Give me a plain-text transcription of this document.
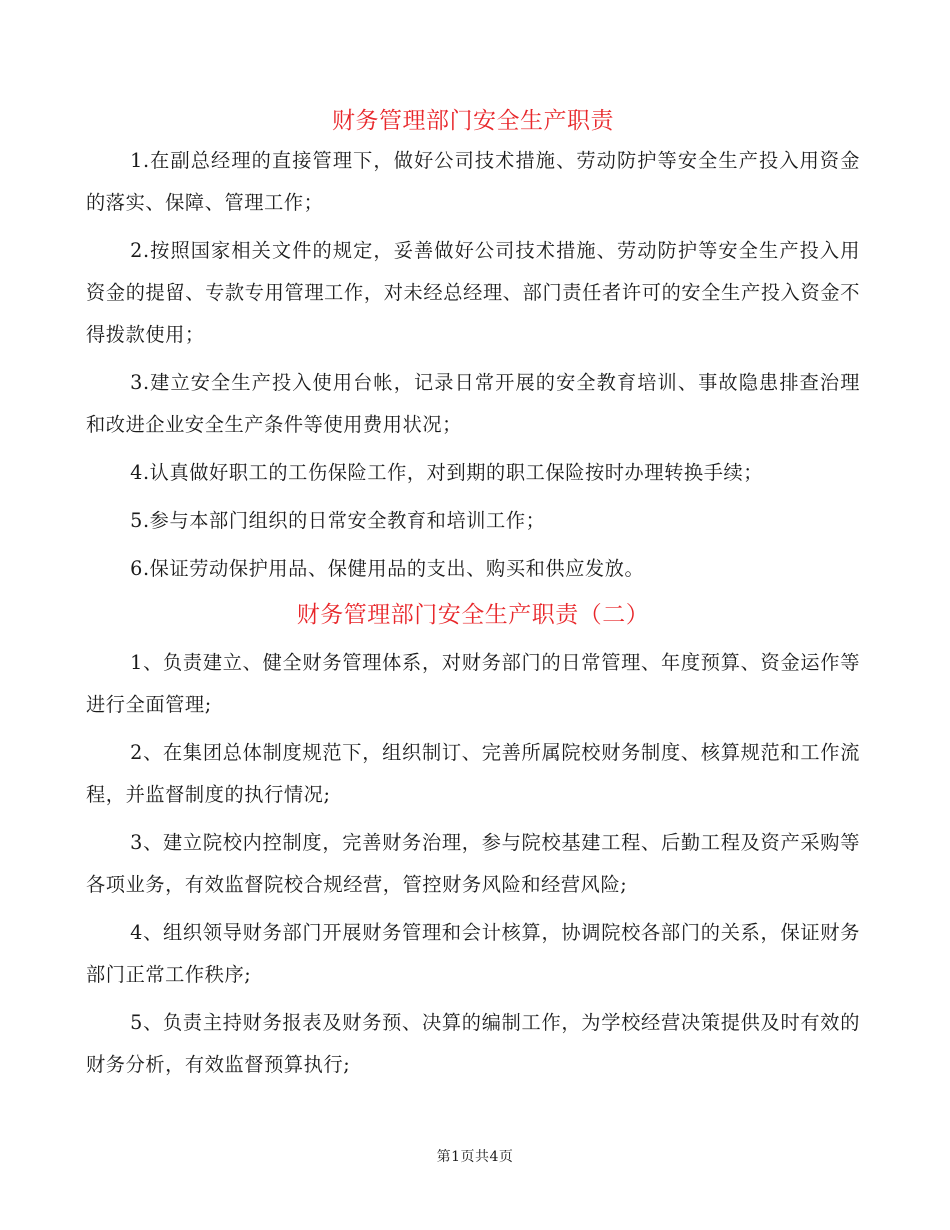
财务管理部门安全生产职责

1.在副总经理的直接管理下，做好公司技术措施、劳动防护等安全生产投入用资金的落实、保障、管理工作；

2.按照国家相关文件的规定，妥善做好公司技术措施、劳动防护等安全生产投入用资金的提留、专款专用管理工作，对未经总经理、部门责任者许可的安全生产投入资金不得拨款使用；

3.建立安全生产投入使用台帐，记录日常开展的安全教育培训、事故隐患排查治理和改进企业安全生产条件等使用费用状况；

4.认真做好职工的工伤保险工作，对到期的职工保险按时办理转换手续；

5.参与本部门组织的日常安全教育和培训工作；

6.保证劳动保护用品、保健用品的支出、购买和供应发放。

财务管理部门安全生产职责（二）

1、负责建立、健全财务管理体系，对财务部门的日常管理、年度预算、资金运作等进行全面管理;

2、在集团总体制度规范下，组织制订、完善所属院校财务制度、核算规范和工作流程，并监督制度的执行情况;

3、建立院校内控制度，完善财务治理，参与院校基建工程、后勤工程及资产采购等各项业务，有效监督院校合规经营，管控财务风险和经营风险;

4、组织领导财务部门开展财务管理和会计核算，协调院校各部门的关系，保证财务部门正常工作秩序;

5、负责主持财务报表及财务预、决算的编制工作，为学校经营决策提供及时有效的财务分析，有效监督预算执行;

第1页共4页
